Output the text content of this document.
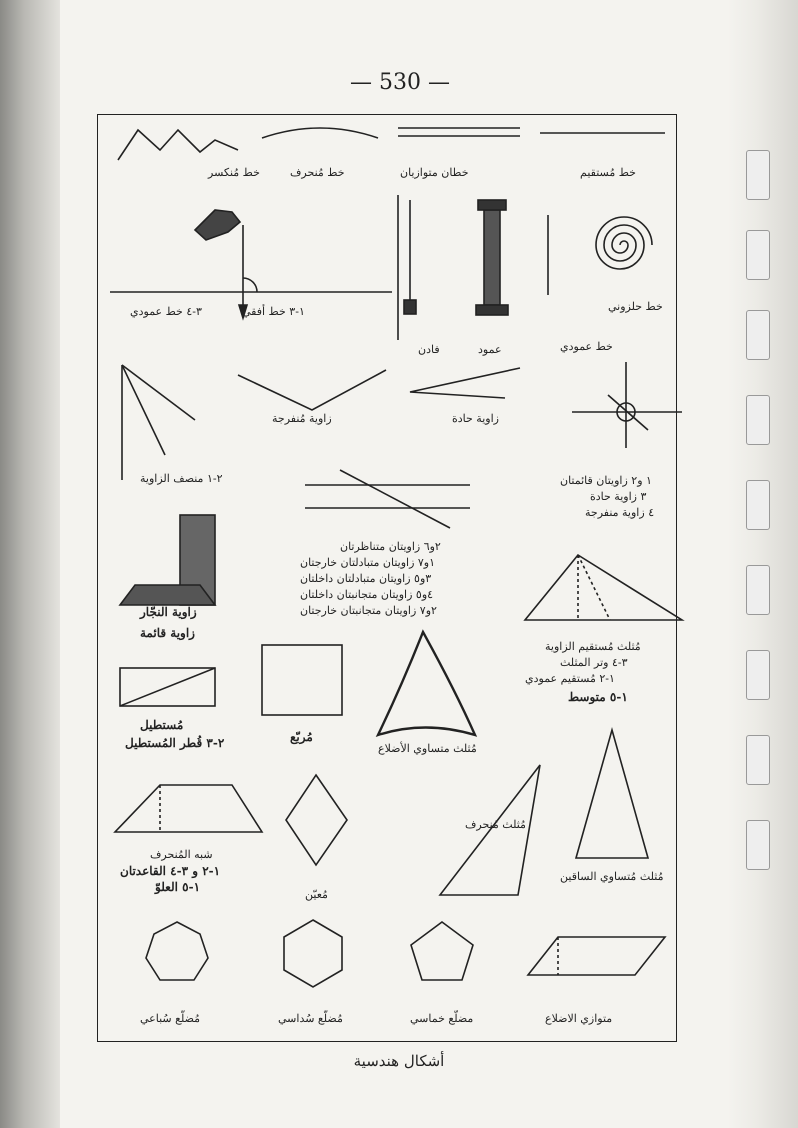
— 530 —
خط مُنكسر	خط مُنحرف	خطان متوازيان	خط مُستقيم
١-٣ خط أفقي
٣-٤ خط عمودي	خط حلزوني
خط عمودي
عمود
فادن
زاوية مُنفرجة	زاوية حادة
٢-١ منصف الزاوية	١ و٢ زاويتان قائمتان
٣ زاوية حادة
٤ زاوية منفرجة
٢و٦ زاويتان متناظرتان
١و٧ زاويتان متبادلتان خارجتان
٣و٥ زاويتان متبادلتان داخلتان
٤و٥ زاويتان متجانبتان داخلتان
٢و٧ زاويتان متجانبتان خارجتان
زاوية النجّار
زاوية قائمة
مُثلث مُستقيم الزاوية
٣-٤ وتر المثلث
١-٢ مُستقيم عمودي
١-٥ متوسط
مُستطيل
٢-٣ قُطر المُستطيل	مُربّع
مُثلث متساوي الأضلاع
شبه المُنحرف
١-٢ و ٣-٤ القاعدتان
١-٥ العلوّ
مُعيّن
مُثلث مُنحرف
مُثلث مُتساوي الساقين
مُضلّع سُباعي	مُضلّع سُداسي	مضلّع خماسي	متوازي الاضلاع
أشكال هندسية
